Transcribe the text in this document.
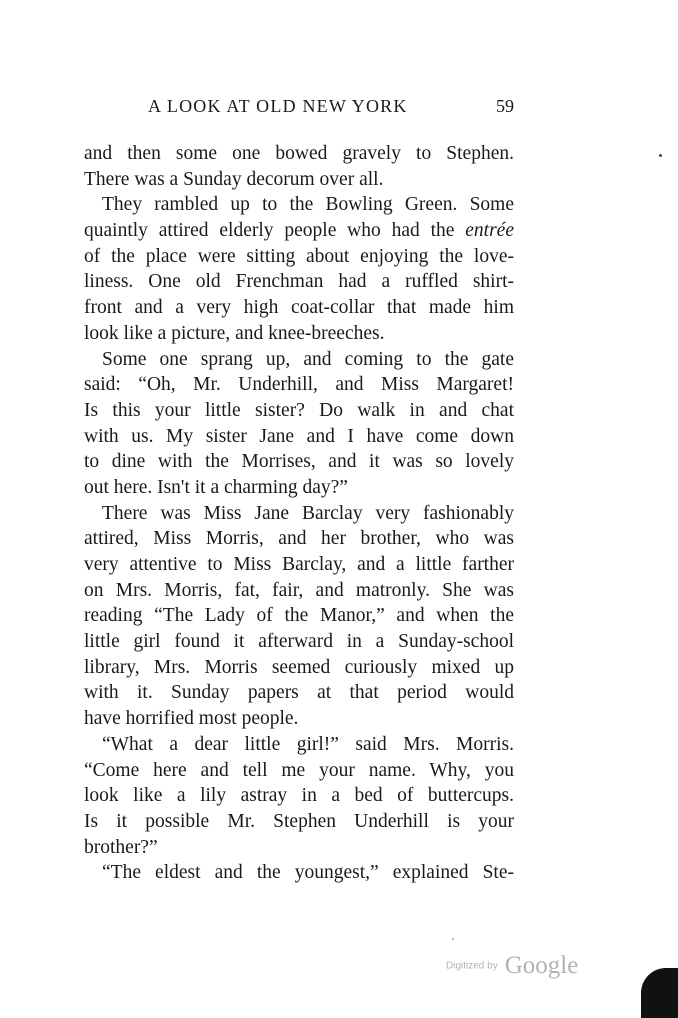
A LOOK AT OLD NEW YORK	59
and then some one bowed gravely to Stephen.
There was a Sunday decorum over all.
They rambled up to the Bowling Green. Some
quaintly attired elderly people who had the entrée
of the place were sitting about enjoying the love-
liness. One old Frenchman had a ruffled shirt-
front and a very high coat-collar that made him
look like a picture, and knee-breeches.
Some one sprang up, and coming to the gate
said: “Oh, Mr. Underhill, and Miss Margaret!
Is this your little sister? Do walk in and chat
with us. My sister Jane and I have come down
to dine with the Morrises, and it was so lovely
out here. Isn't it a charming day?”
There was Miss Jane Barclay very fashionably
attired, Miss Morris, and her brother, who was
very attentive to Miss Barclay, and a little farther
on Mrs. Morris, fat, fair, and matronly. She was
reading “The Lady of the Manor,” and when the
little girl found it afterward in a Sunday-school
library, Mrs. Morris seemed curiously mixed up
with it. Sunday papers at that period would
have horrified most people.
“What a dear little girl!” said Mrs. Morris.
“Come here and tell me your name. Why, you
look like a lily astray in a bed of buttercups.
Is it possible Mr. Stephen Underhill is your
brother?”
“The eldest and the youngest,” explained Ste-
Digitized by Google
